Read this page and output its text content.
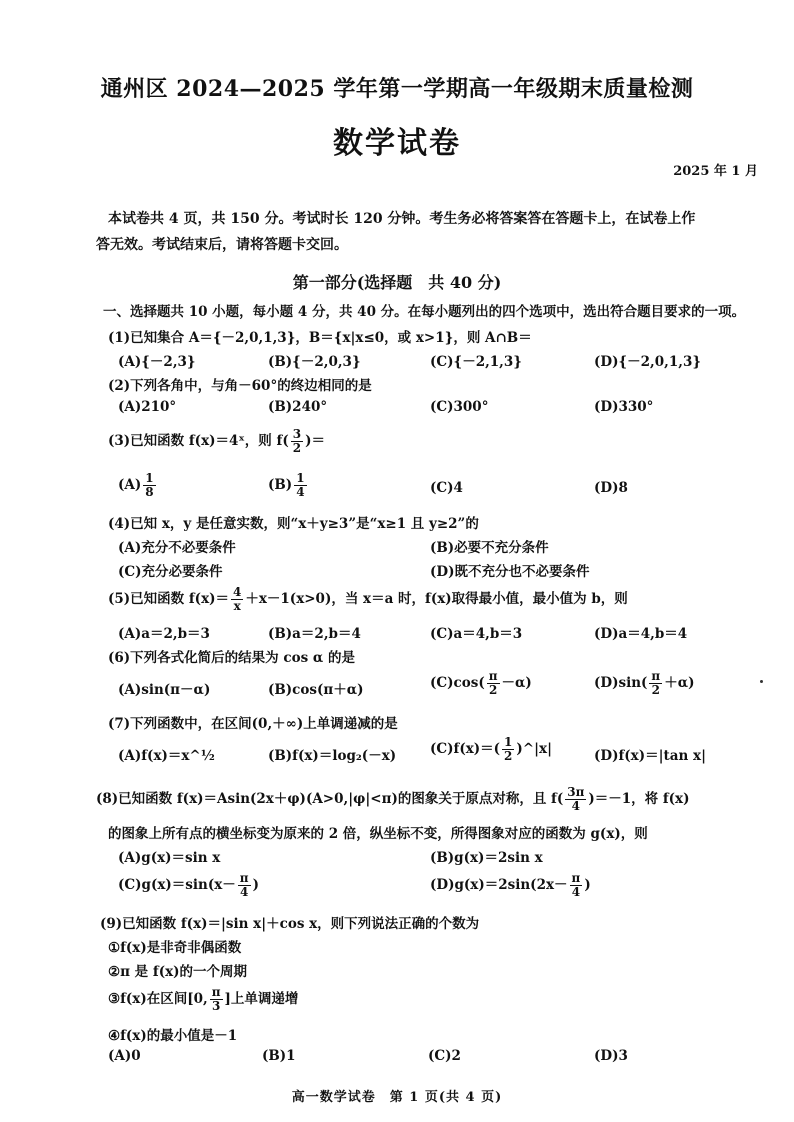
通州区 2024—2025 学年第一学期高一年级期末质量检测
数学试卷
2025 年 1 月
本试卷共 4 页，共 150 分。考试时长 120 分钟。考生务必将答案答在答题卡上，在试卷上作
答无效。考试结束后，请将答题卡交回。
第一部分(选择题　共 40 分)
一、选择题共 10 小题，每小题 4 分，共 40 分。在每小题列出的四个选项中，选出符合题目要求的一项。
(1)已知集合 A＝{－2,0,1,3}，B＝{x|x≤0，或 x>1}，则 A∩B＝
(A){－2,3}	(B){－2,0,3}	(C){－2,1,3}	(D){－2,0,1,3}
(2)下列各角中，与角－60°的终边相同的是
(A)210°	(B)240°	(C)300°	(D)330°
(3)已知函数 f(x)＝4ˣ，则 $f( \frac{3}{2}$ )＝
$(A) \frac{1}{8}$	$(B) \frac{1}{4}$	(C)4	(D)8
(4)已知 x，y 是任意实数，则“x＋y≥3”是“x≥1 且 y≥2”的
(A)充分不必要条件	(B)必要不充分条件
(C)充分必要条件	(D)既不充分也不必要条件
(5)已知函数 $f(x)= \frac{4}{x} +x-1(x>0)$，当 x＝a 时，f(x)取得最小值，最小值为 b，则
(A)a＝2,b＝3	(B)a＝2,b＝4	(C)a＝4,b＝3	(D)a＝4,b＝4
(6)下列各式化简后的结果为 cos α 的是
(A)sin(π－α)	(B)cos(π＋α)	$(C)\cos( \frac{\pi}{2} -\alpha)$	$(D)\sin( \frac{\pi}{2} +\alpha)$
(7)下列函数中，在区间(0,＋∞)上单调递减的是
(A)f(x)＝x^½	(B)f(x)＝log₂(－x)	$(C)f(x)=( \frac{1}{2}$ )^|x|	(D)f(x)＝|tan x|
(8)已知函数 f(x)＝Asin(2x＋φ)(A>0,|φ|<π)的图象关于原点对称，且 $f( \frac{3\pi}{4} )=-1$，将 f(x)
的图象上所有点的横坐标变为原来的 2 倍，纵坐标不变，所得图象对应的函数为 g(x)，则
(A)g(x)＝sin x	(B)g(x)＝2sin x
$(C)g(x)=\sin(x- \frac{\pi}{4}$ )	$(D)g(x)=2\sin(2x- \frac{\pi}{4}$ )
(9)已知函数 f(x)＝|sin x|＋cos x，则下列说法正确的个数为
①f(x)是非奇非偶函数
②π 是 f(x)的一个周期
③f(x)在区间[0, $\frac{\pi}{3}$ ]上单调递增
④f(x)的最小值是－1
(A)0	(B)1	(C)2	(D)3
高一数学试卷　第 1 页(共 4 页)
